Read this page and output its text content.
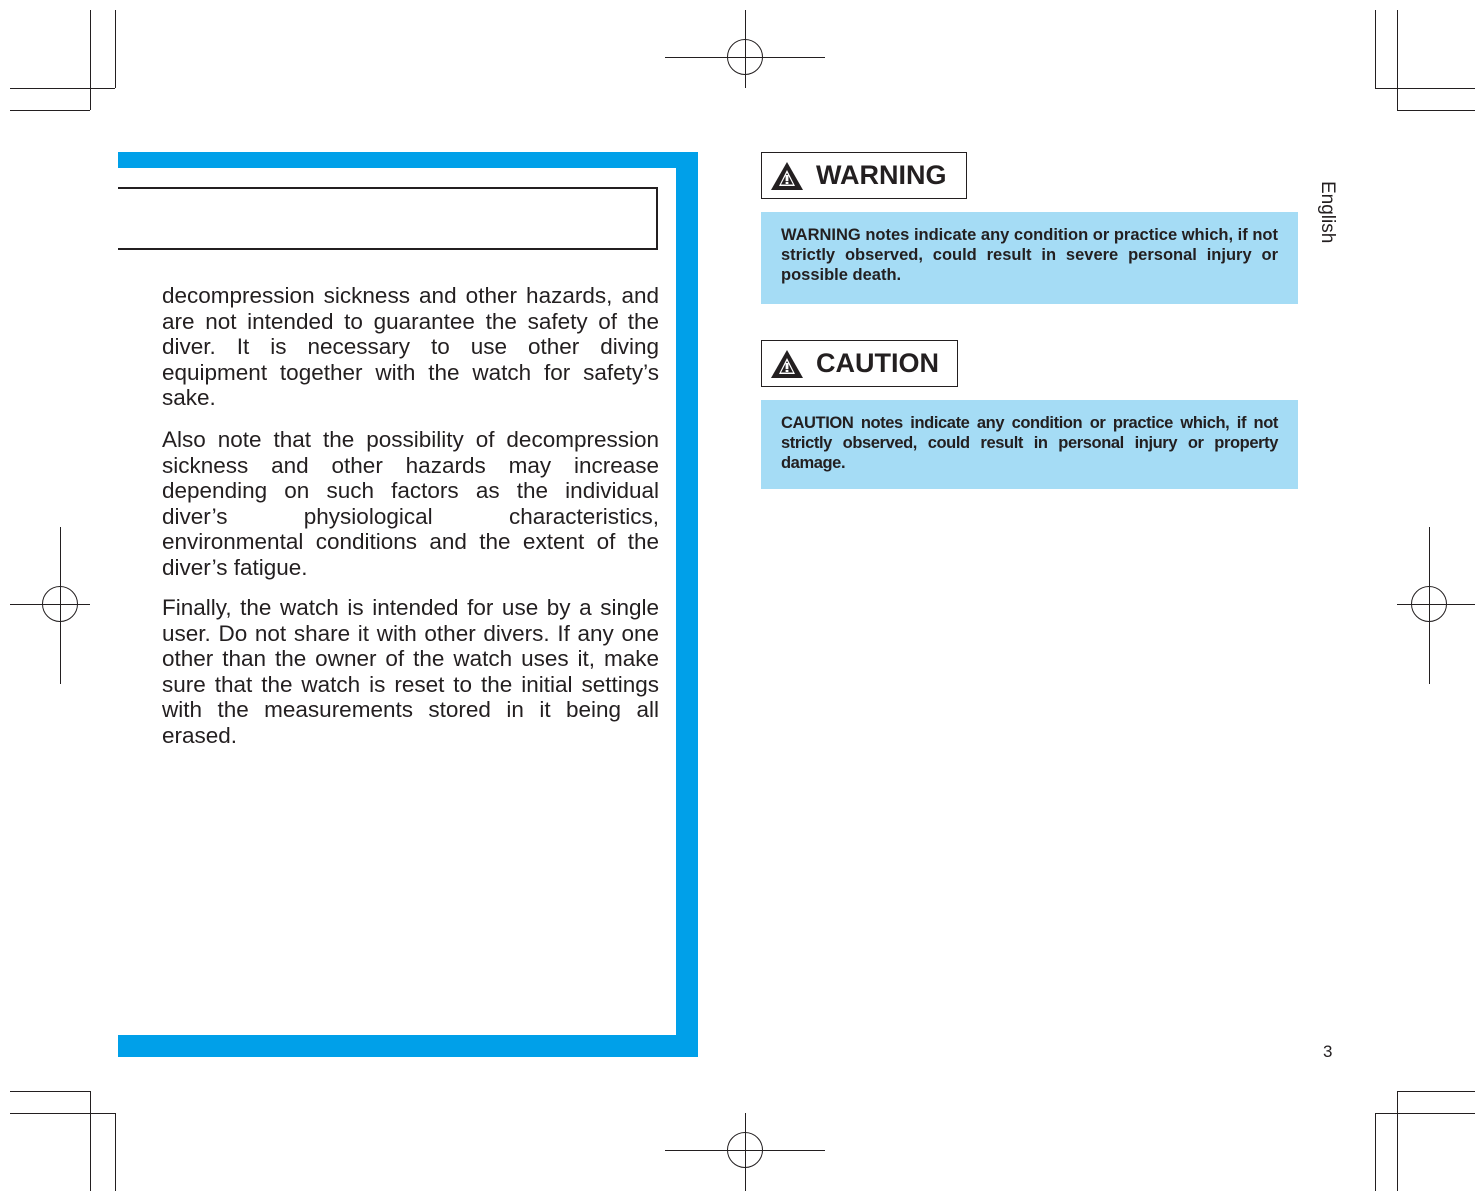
decompression sickness and other hazards, and are not intended to guarantee the safety of the diver. It is necessary to use other diving equipment together with the watch for safety’s sake.

Also note that the possibility of decompression sickness and other hazards may increase depending on such factors as the individual diver’s physiological characteristics, environmental conditions and the extent of the diver’s fatigue.

Finally, the watch is intended for use by a single user. Do not share it with other divers. If any one other than the owner of the watch uses it, make sure that the watch is reset to the initial settings with the measurements stored in it being all erased.

WARNING
WARNING notes indicate any condition or practice which, if not strictly observed, could result in severe personal injury or possible death.
CAUTION
CAUTION notes indicate any condition or practice which, if not strictly observed, could result in personal injury or property damage.
English
3
